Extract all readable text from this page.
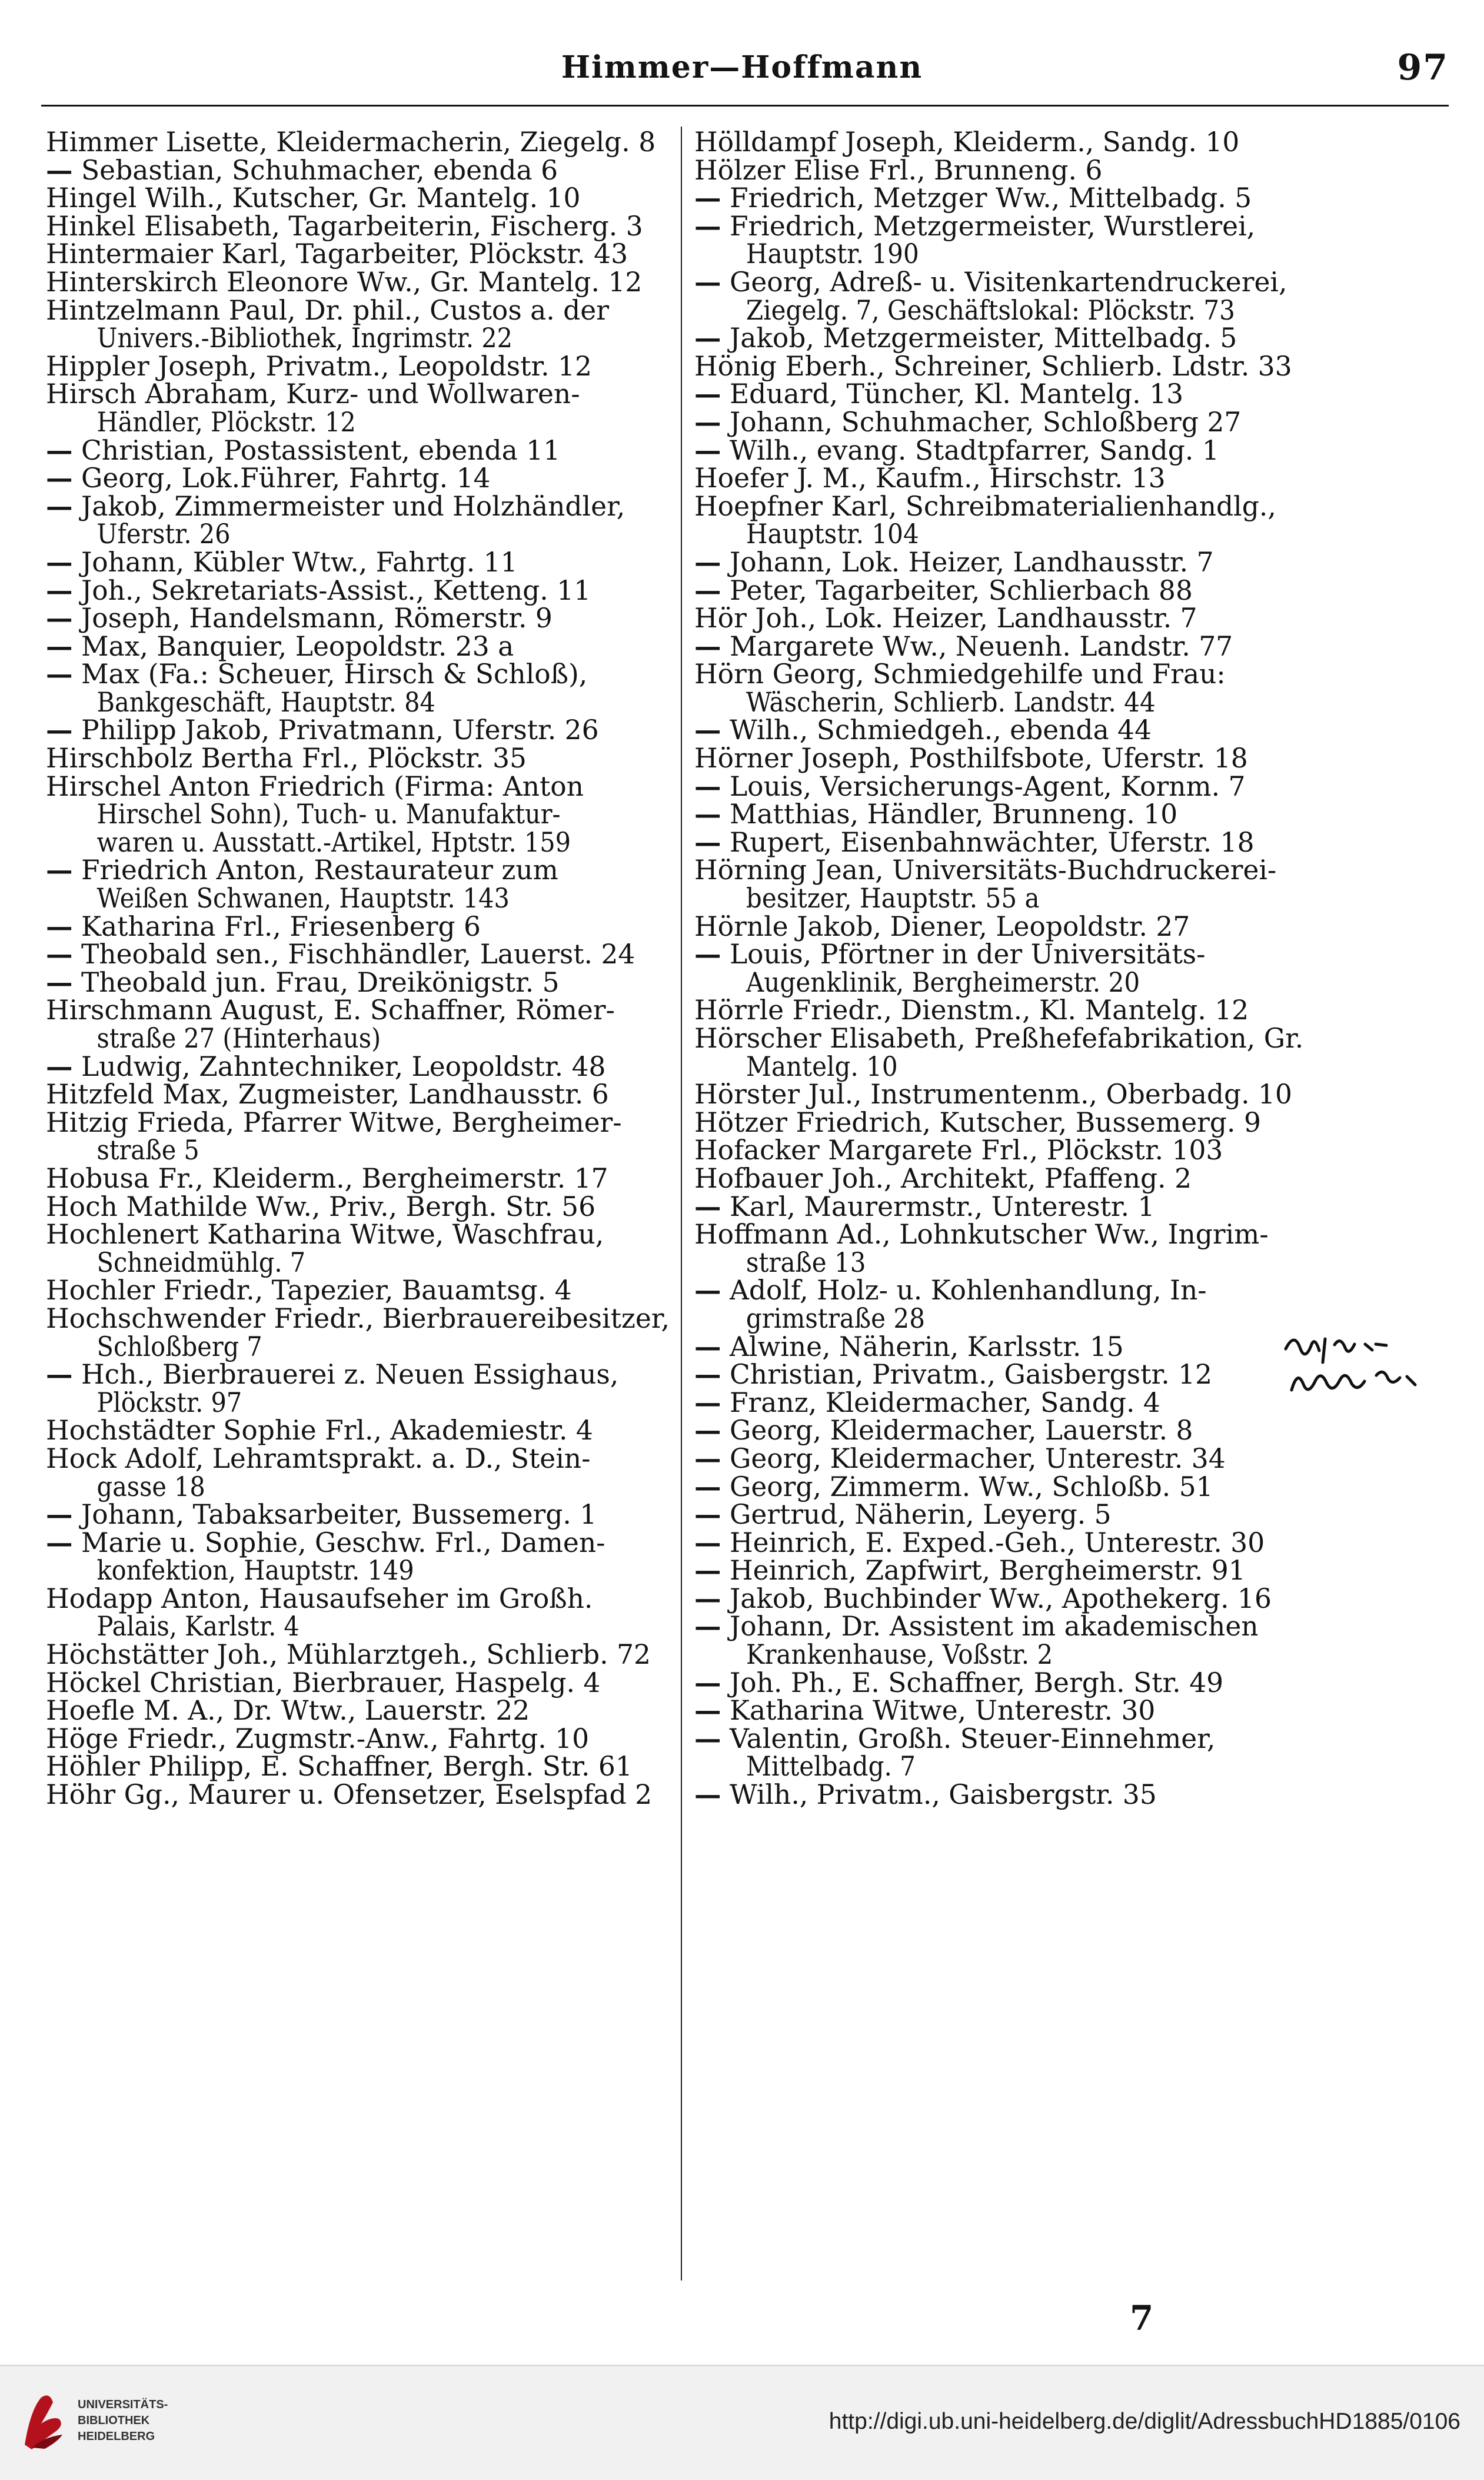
Himmer—Hoffmann	97
Himmer Lisette, Kleidermacherin, Ziegelg. 8
— Sebastian, Schuhmacher, ebenda 6
Hingel Wilh., Kutscher, Gr. Mantelg. 10
Hinkel Elisabeth, Tagarbeiterin, Fischerg. 3
Hintermaier Karl, Tagarbeiter, Plöckstr. 43
Hinterskirch Eleonore Ww., Gr. Mantelg. 12
Hintzelmann Paul, Dr. phil., Custos a. der
Univers.-Bibliothek, Ingrimstr. 22
Hippler Joseph, Privatm., Leopoldstr. 12
Hirsch Abraham, Kurz- und Wollwaren-
Händler, Plöckstr. 12
— Christian, Postassistent, ebenda 11
— Georg, Lok.Führer, Fahrtg. 14
— Jakob, Zimmermeister und Holzhändler,
Uferstr. 26
— Johann, Kübler Wtw., Fahrtg. 11
— Joh., Sekretariats-Assist., Ketteng. 11
— Joseph, Handelsmann, Römerstr. 9
— Max, Banquier, Leopoldstr. 23 a
— Max (Fa.: Scheuer, Hirsch & Schloß),
Bankgeschäft, Hauptstr. 84
— Philipp Jakob, Privatmann, Uferstr. 26
Hirschbolz Bertha Frl., Plöckstr. 35
Hirschel Anton Friedrich (Firma: Anton
Hirschel Sohn), Tuch- u. Manufaktur-
waren u. Ausstatt.-Artikel, Hptstr. 159
— Friedrich Anton, Restaurateur zum
Weißen Schwanen, Hauptstr. 143
— Katharina Frl., Friesenberg 6
— Theobald sen., Fischhändler, Lauerst. 24
— Theobald jun. Frau, Dreikönigstr. 5
Hirschmann August, E. Schaffner, Römer-
straße 27 (Hinterhaus)
— Ludwig, Zahntechniker, Leopoldstr. 48
Hitzfeld Max, Zugmeister, Landhausstr. 6
Hitzig Frieda, Pfarrer Witwe, Bergheimer-
straße 5
Hobusa Fr., Kleiderm., Bergheimerstr. 17
Hoch Mathilde Ww., Priv., Bergh. Str. 56
Hochlenert Katharina Witwe, Waschfrau,
Schneidmühlg. 7
Hochler Friedr., Tapezier, Bauamtsg. 4
Hochschwender Friedr., Bierbrauereibesitzer,
Schloßberg 7
— Hch., Bierbrauerei z. Neuen Essighaus,
Plöckstr. 97
Hochstädter Sophie Frl., Akademiestr. 4
Hock Adolf, Lehramtsprakt. a. D., Stein-
gasse 18
— Johann, Tabaksarbeiter, Bussemerg. 1
— Marie u. Sophie, Geschw. Frl., Damen-
konfektion, Hauptstr. 149
Hodapp Anton, Hausaufseher im Großh.
Palais, Karlstr. 4
Höchstätter Joh., Mühlarztgeh., Schlierb. 72
Höckel Christian, Bierbrauer, Haspelg. 4
Hoefle M. A., Dr. Wtw., Lauerstr. 22
Höge Friedr., Zugmstr.-Anw., Fahrtg. 10
Höhler Philipp, E. Schaffner, Bergh. Str. 61
Höhr Gg., Maurer u. Ofensetzer, Eselspfad 2
Hölldampf Joseph, Kleiderm., Sandg. 10
Hölzer Elise Frl., Brunneng. 6
— Friedrich, Metzger Ww., Mittelbadg. 5
— Friedrich, Metzgermeister, Wurstlerei,
Hauptstr. 190
— Georg, Adreß- u. Visitenkartendruckerei,
Ziegelg. 7, Geschäftslokal: Plöckstr. 73
— Jakob, Metzgermeister, Mittelbadg. 5
Hönig Eberh., Schreiner, Schlierb. Ldstr. 33
— Eduard, Tüncher, Kl. Mantelg. 13
— Johann, Schuhmacher, Schloßberg 27
— Wilh., evang. Stadtpfarrer, Sandg. 1
Hoefer J. M., Kaufm., Hirschstr. 13
Hoepfner Karl, Schreibmaterialienhandlg.,
Hauptstr. 104
— Johann, Lok. Heizer, Landhausstr. 7
— Peter, Tagarbeiter, Schlierbach 88
Hör Joh., Lok. Heizer, Landhausstr. 7
— Margarete Ww., Neuenh. Landstr. 77
Hörn Georg, Schmiedgehilfe und Frau:
Wäscherin, Schlierb. Landstr. 44
— Wilh., Schmiedgeh., ebenda 44
Hörner Joseph, Posthilfsbote, Uferstr. 18
— Louis, Versicherungs-Agent, Kornm. 7
— Matthias, Händler, Brunneng. 10
— Rupert, Eisenbahnwächter, Uferstr. 18
Hörning Jean, Universitäts-Buchdruckerei-
besitzer, Hauptstr. 55 a
Hörnle Jakob, Diener, Leopoldstr. 27
— Louis, Pförtner in der Universitäts-
Augenklinik, Bergheimerstr. 20
Hörrle Friedr., Dienstm., Kl. Mantelg. 12
Hörscher Elisabeth, Preßhefefabrikation, Gr.
Mantelg. 10
Hörster Jul., Instrumentenm., Oberbadg. 10
Hötzer Friedrich, Kutscher, Bussemerg. 9
Hofacker Margarete Frl., Plöckstr. 103
Hofbauer Joh., Architekt, Pfaffeng. 2
— Karl, Maurermstr., Unterestr. 1
Hoffmann Ad., Lohnkutscher Ww., Ingrim-
straße 13
— Adolf, Holz- u. Kohlenhandlung, In-
grimstraße 28
— Alwine, Näherin, Karlsstr. 15
— Christian, Privatm., Gaisbergstr. 12
— Franz, Kleidermacher, Sandg. 4
— Georg, Kleidermacher, Lauerstr. 8
— Georg, Kleidermacher, Unterestr. 34
— Georg, Zimmerm. Ww., Schloßb. 51
— Gertrud, Näherin, Leyerg. 5
— Heinrich, E. Exped.-Geh., Unterestr. 30
— Heinrich, Zapfwirt, Bergheimerstr. 91
— Jakob, Buchbinder Ww., Apothekerg. 16
— Johann, Dr. Assistent im akademischen
Krankenhause, Voßstr. 2
— Joh. Ph., E. Schaffner, Bergh. Str. 49
— Katharina Witwe, Unterestr. 30
— Valentin, Großh. Steuer-Einnehmer,
Mittelbadg. 7
— Wilh., Privatm., Gaisbergstr. 35
7
UNIVERSITÄTS-
BIBLIOTHEK
HEIDELBERG
http://digi.ub.uni-heidelberg.de/diglit/AdressbuchHD1885/0106
